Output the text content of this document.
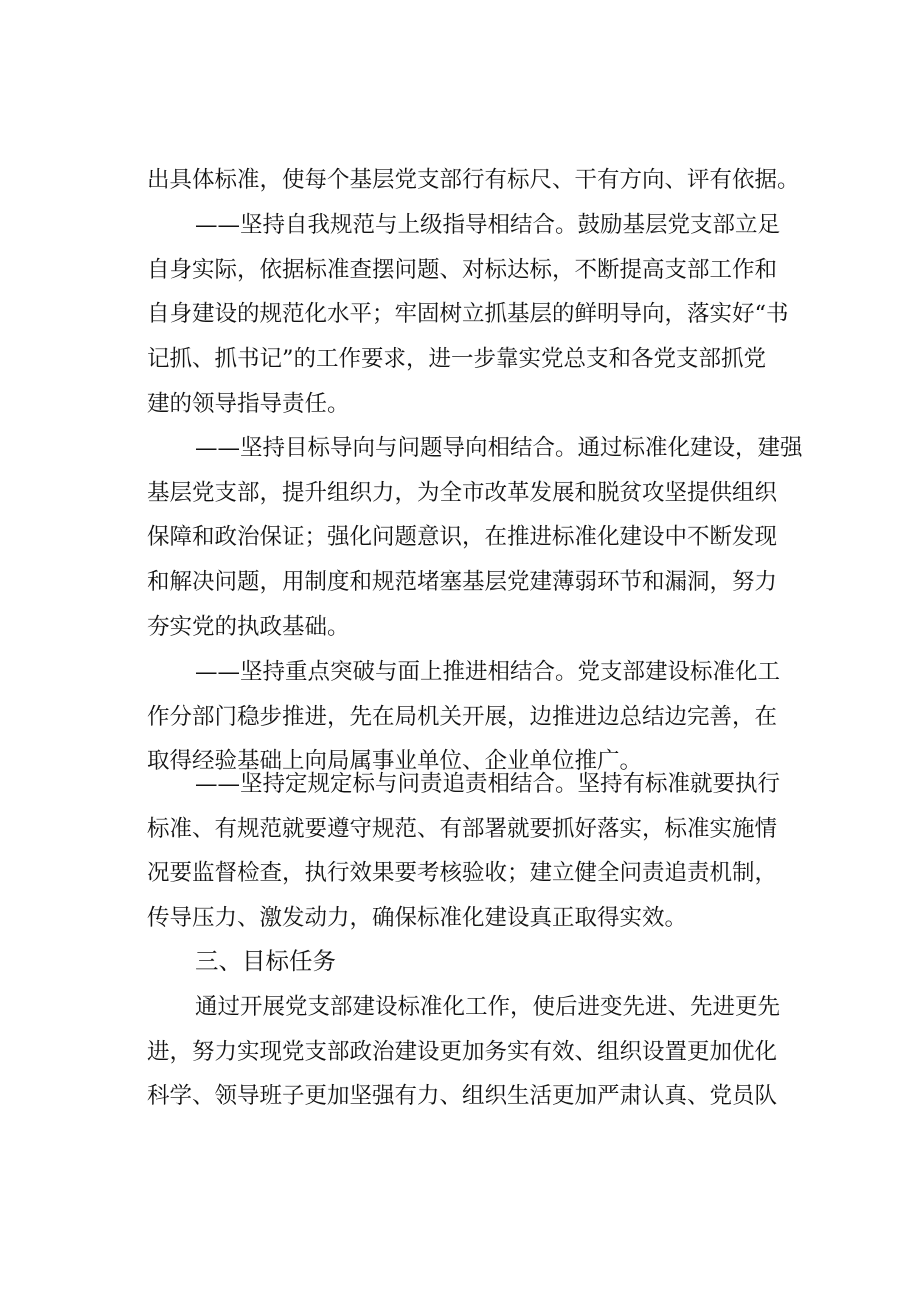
出具体标准，使每个基层党支部行有标尺、干有方向、评有依据。
——坚持自我规范与上级指导相结合。鼓励基层党支部立足
自身实际，依据标准查摆问题、对标达标，不断提高支部工作和
自身建设的规范化水平；牢固树立抓基层的鲜明导向，落实好“书
记抓、抓书记”的工作要求，进一步靠实党总支和各党支部抓党
建的领导指导责任。
——坚持目标导向与问题导向相结合。通过标准化建设，建强
基层党支部，提升组织力，为全市改革发展和脱贫攻坚提供组织
保障和政治保证；强化问题意识，在推进标准化建设中不断发现
和解决问题，用制度和规范堵塞基层党建薄弱环节和漏洞，努力
夯实党的执政基础。
——坚持重点突破与面上推进相结合。党支部建设标准化工
作分部门稳步推进，先在局机关开展，边推进边总结边完善，在
取得经验基础上向局属事业单位、企业单位推广。
——坚持定规定标与问责追责相结合。坚持有标准就要执行
标准、有规范就要遵守规范、有部署就要抓好落实，标准实施情
况要监督检查，执行效果要考核验收；建立健全问责追责机制，
传导压力、激发动力，确保标准化建设真正取得实效。
三、目标任务
通过开展党支部建设标准化工作，使后进变先进、先进更先
进，努力实现党支部政治建设更加务实有效、组织设置更加优化
科学、领导班子更加坚强有力、组织生活更加严肃认真、党员队
